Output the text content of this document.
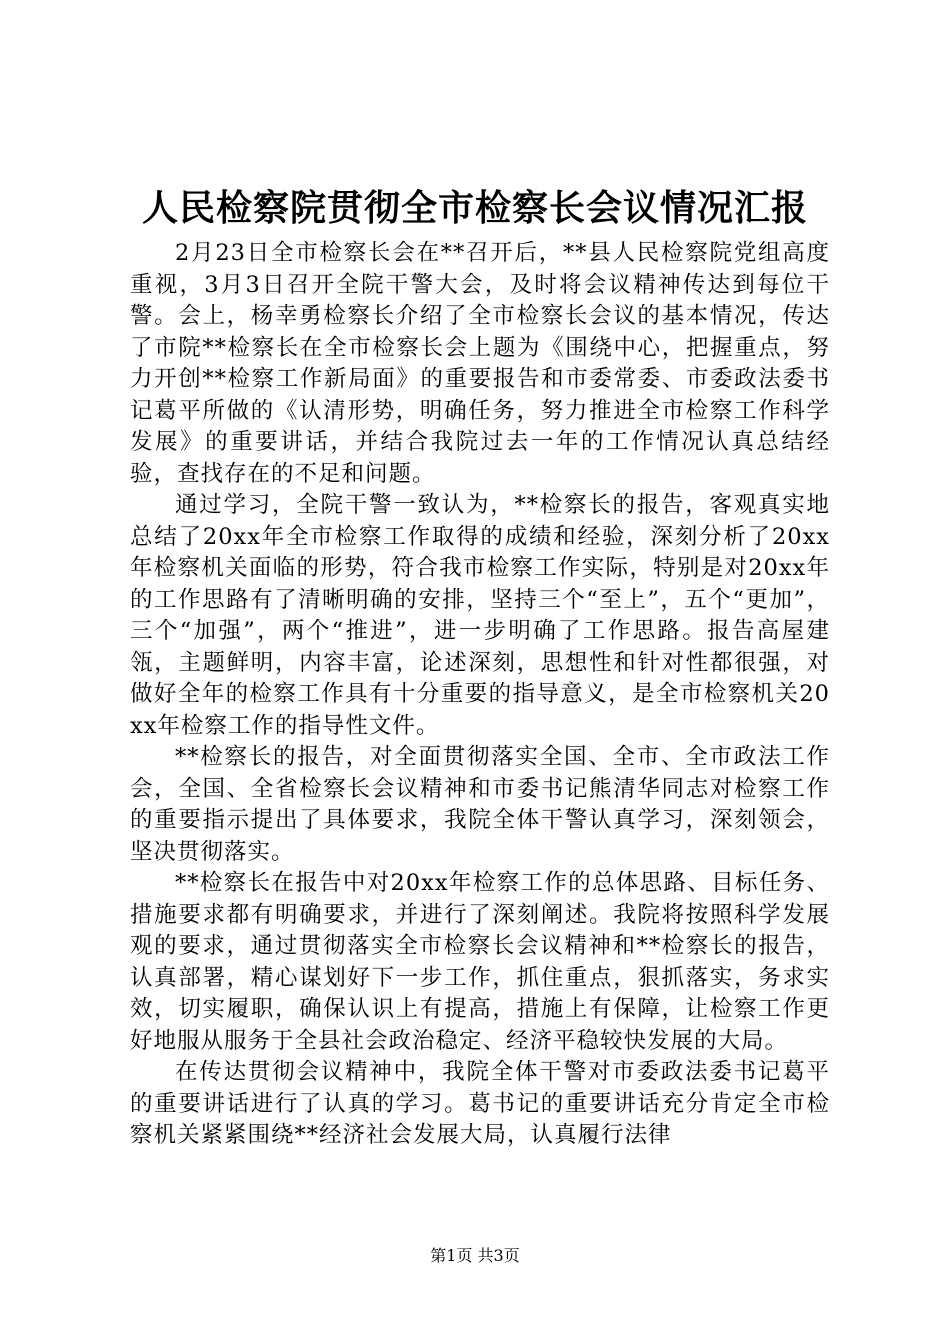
人民检察院贯彻全市检察长会议情况汇报

2月23日全市检察长会在**召开后，**县人民检察院党组高度重视，3月3日召开全院干警大会，及时将会议精神传达到每位干警。会上，杨幸勇检察长介绍了全市检察长会议的基本情况，传达了市院**检察长在全市检察长会上题为《围绕中心，把握重点，努力开创**检察工作新局面》的重要报告和市委常委、市委政法委书记葛平所做的《认清形势，明确任务，努力推进全市检察工作科学发展》的重要讲话，并结合我院过去一年的工作情况认真总结经验，查找存在的不足和问题。

通过学习，全院干警一致认为，**检察长的报告，客观真实地总结了20xx年全市检察工作取得的成绩和经验，深刻分析了20xx年检察机关面临的形势，符合我市检察工作实际，特别是对20xx年的工作思路有了清晰明确的安排，坚持三个“至上”，五个“更加”，三个“加强”，两个“推进”，进一步明确了工作思路。报告高屋建瓴，主题鲜明，内容丰富，论述深刻，思想性和针对性都很强，对做好全年的检察工作具有十分重要的指导意义，是全市检察机关20xx年检察工作的指导性文件。

**检察长的报告，对全面贯彻落实全国、全市、全市政法工作会，全国、全省检察长会议精神和市委书记熊清华同志对检察工作的重要指示提出了具体要求，我院全体干警认真学习，深刻领会，坚决贯彻落实。

**检察长在报告中对20xx年检察工作的总体思路、目标任务、措施要求都有明确要求，并进行了深刻阐述。我院将按照科学发展观的要求，通过贯彻落实全市检察长会议精神和**检察长的报告，认真部署，精心谋划好下一步工作，抓住重点，狠抓落实，务求实效，切实履职，确保认识上有提高，措施上有保障，让检察工作更好地服从服务于全县社会政治稳定、经济平稳较快发展的大局。

在传达贯彻会议精神中，我院全体干警对市委政法委书记葛平的重要讲话进行了认真的学习。葛书记的重要讲话充分肯定全市检察机关紧紧围绕**经济社会发展大局，认真履行法律

第1页 共3页
